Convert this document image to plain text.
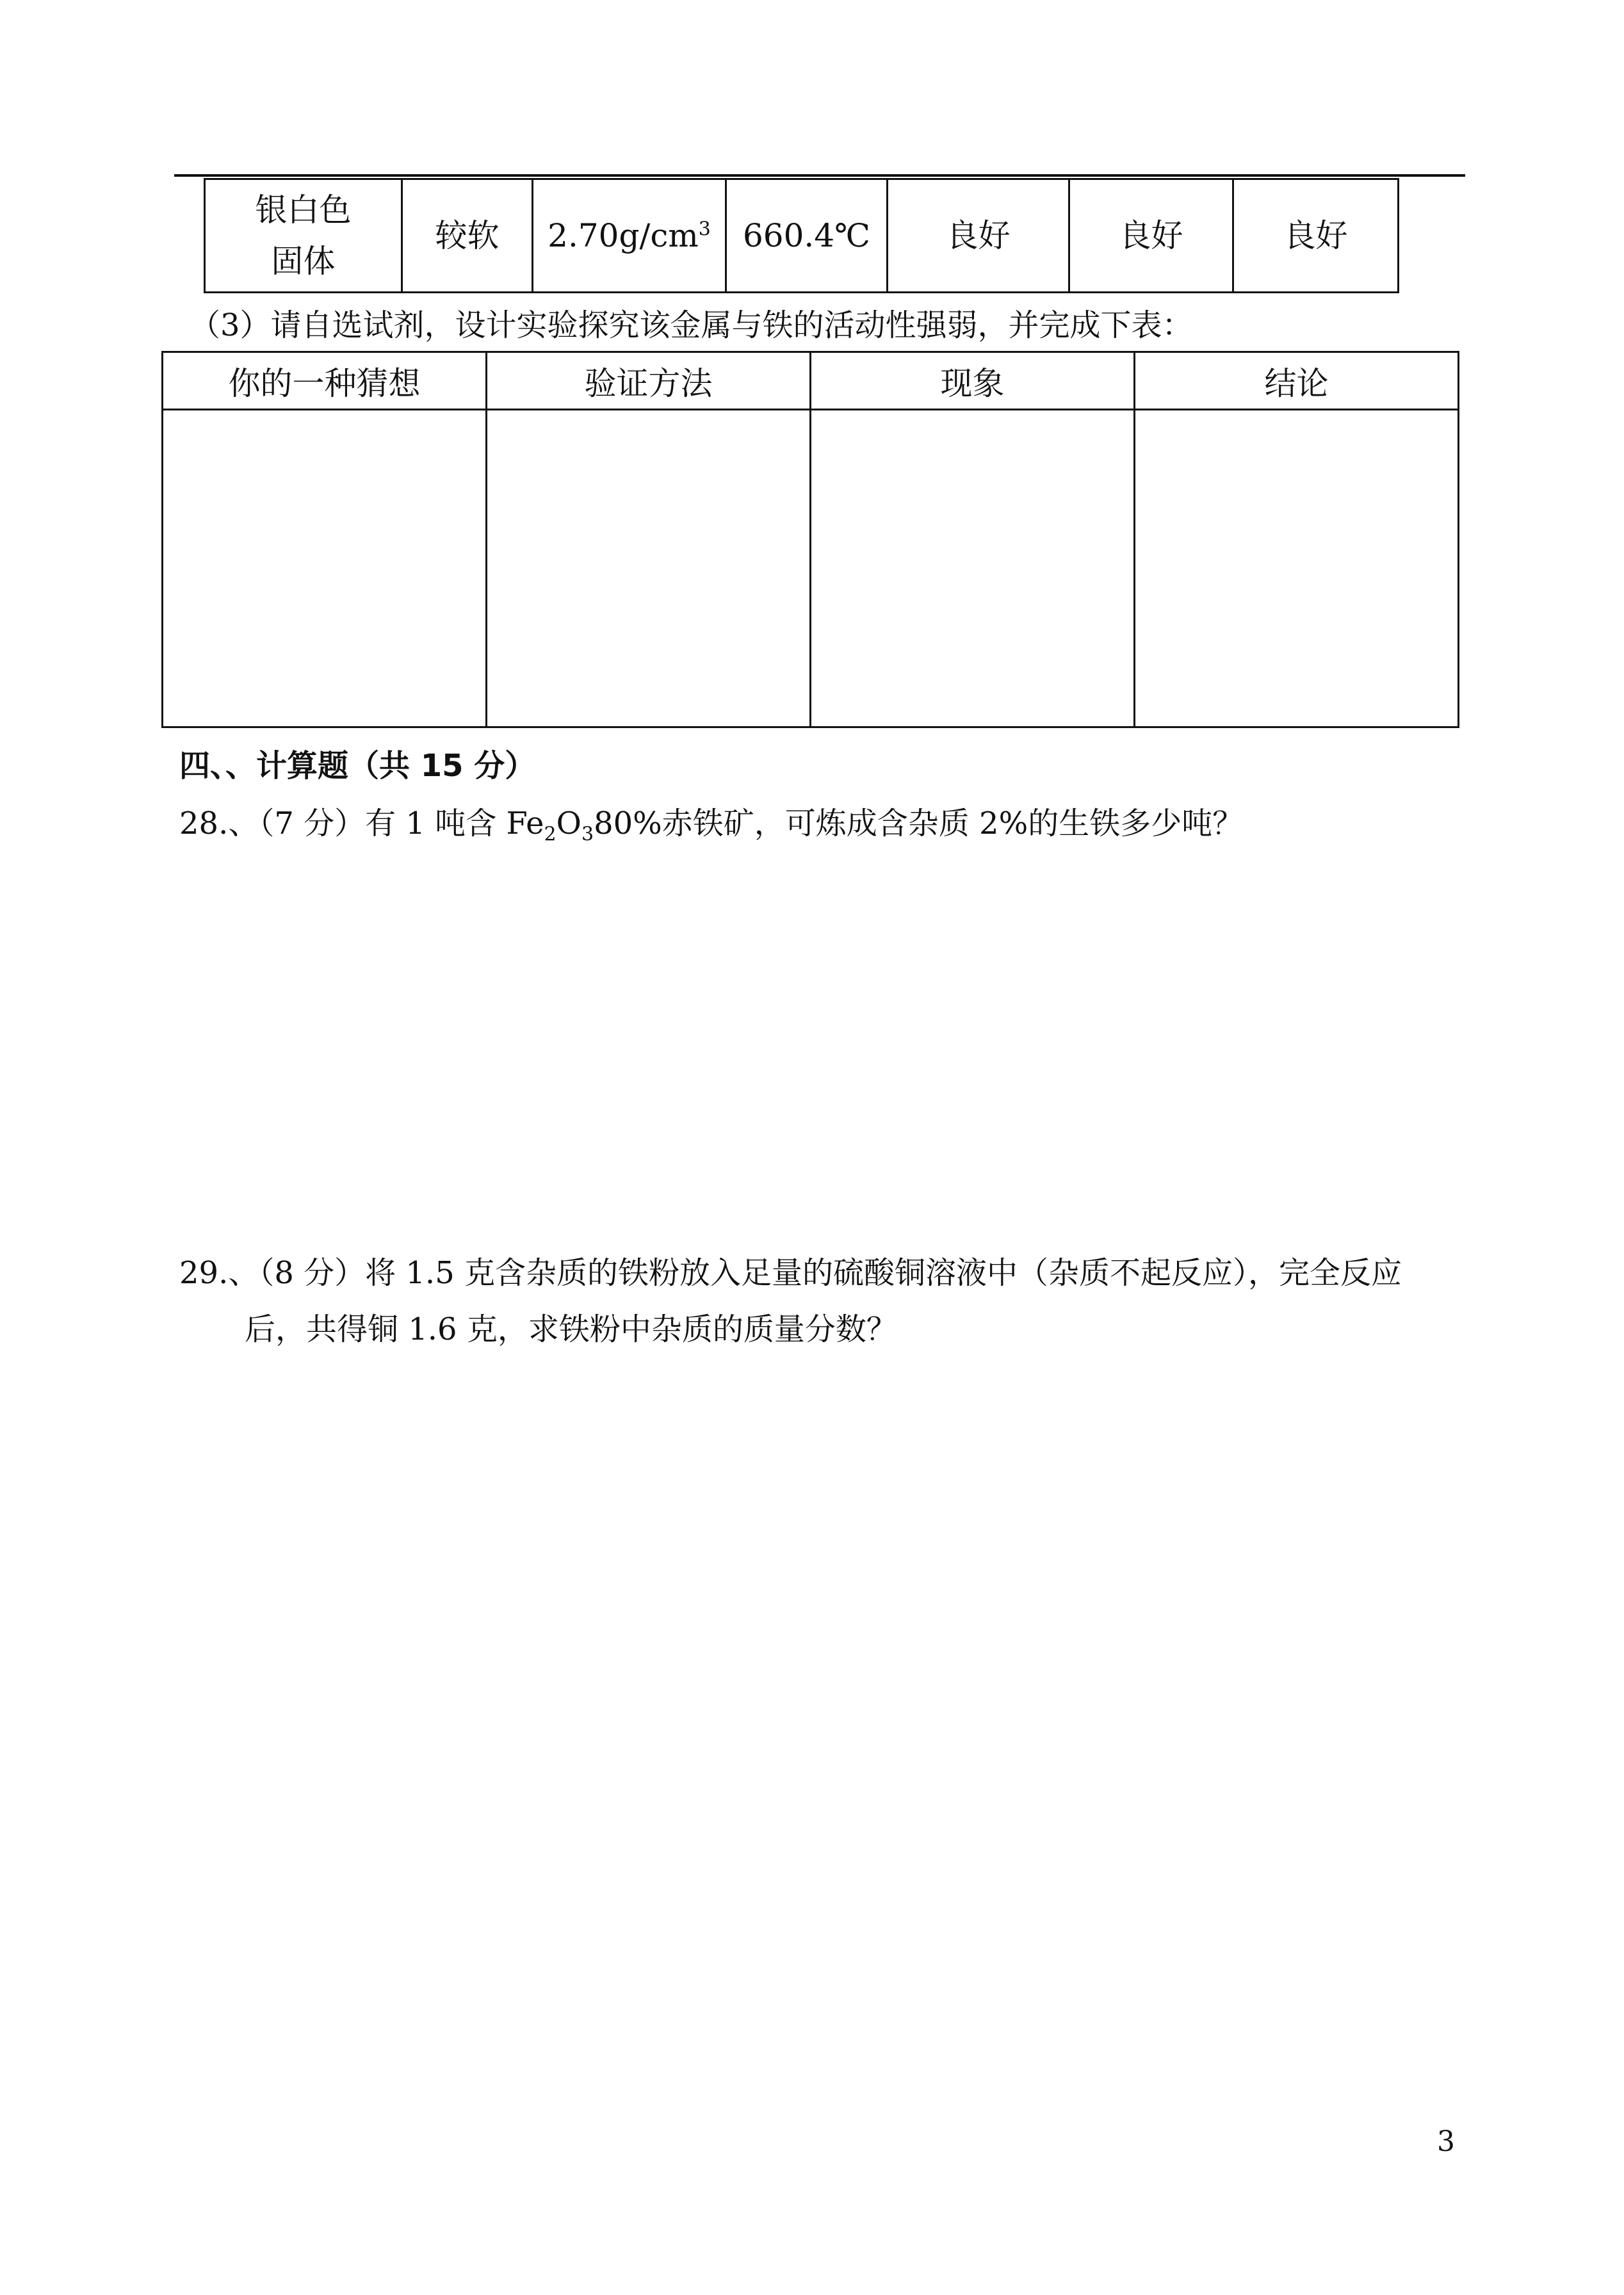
银白色
固体
	较软	$2.70g/cm^3$	660.4℃	良好	良好	良好
（3）请自选试剂，设计实验探究该金属与铁的活动性强弱，并完成下表：
你的一种猜想	验证方法	现象	结论

四、、计算题（共 15 分）
28.、（7 分）有 1 吨含 $Fe_2O_380\%$赤铁矿，可炼成含杂质 2%的生铁多少吨？
29.、（8 分）将 1.5 克含杂质的铁粉放入足量的硫酸铜溶液中（杂质不起反应），完全反应
后，共得铜 1.6 克，求铁粉中杂质的质量分数？
3
